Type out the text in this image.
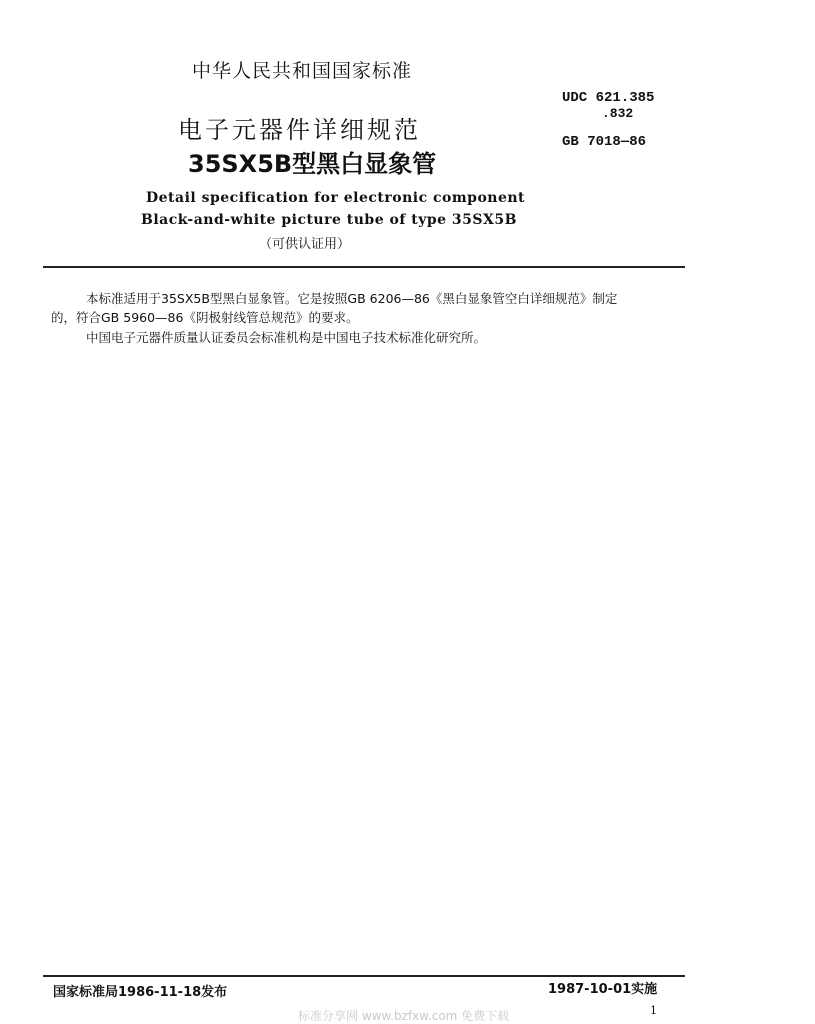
中华人民共和国国家标准
UDC 621.385
.832
GB 7018—86
电子元器件详细规范
35SX5B型黑白显象管
Detail specification for electronic component
Black-and-white picture tube of type 35SX5B
（可供认证用）
本标准适用于35SX5B型黑白显象管。它是按照GB 6206—86《黑白显象管空白详细规范》制定
的，符合GB 5960—86《阴极射线管总规范》的要求。
中国电子元器件质量认证委员会标准机构是中国电子技术标准化研究所。
国家标准局1986-11-18发布	1987-10-01实施
1
标准分享网 www.bzfxw.com 免费下载
